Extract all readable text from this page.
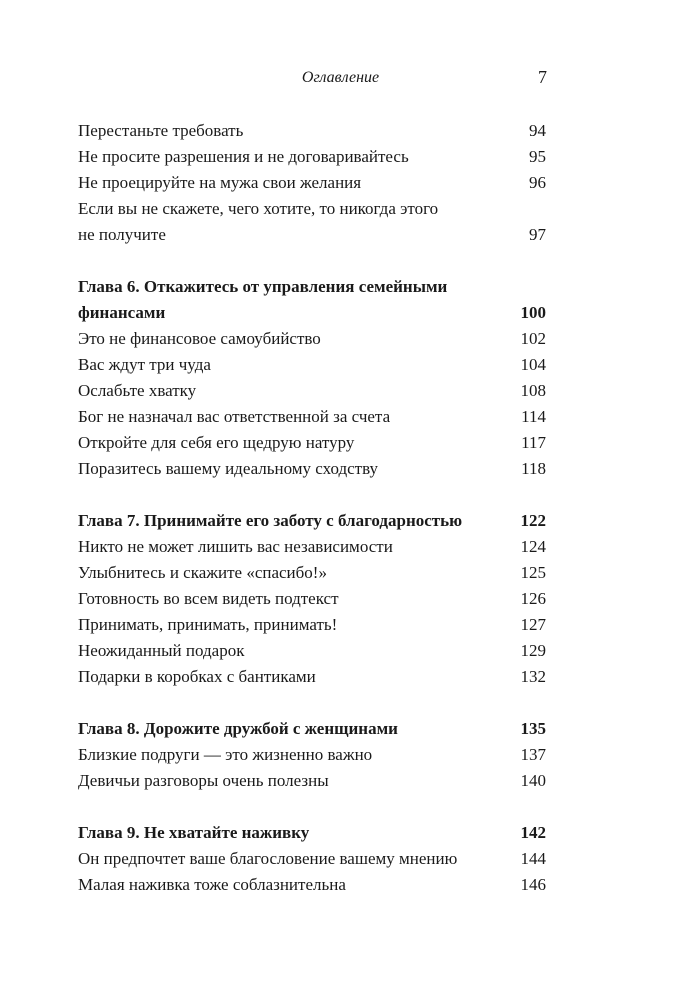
Оглавление	7
Перестаньте требовать	94
Не просите разрешения и не договаривайтесь	95
Не проецируйте на мужа свои желания	96
Если вы не скажете, чего хотите, то никогда этого
не получите	97
Глава 6. Откажитесь от управления семейными
финансами	100
Это не финансовое самоубийство	102
Вас ждут три чуда	104
Ослабьте хватку	108
Бог не назначал вас ответственной за счета	114
Откройте для себя его щедрую натуру	117
Поразитесь вашему идеальному сходству	118
Глава 7. Принимайте его заботу с благодарностью	122
Никто не может лишить вас независимости	124
Улыбнитесь и скажите «спасибо!»	125
Готовность во всем видеть подтекст	126
Принимать, принимать, принимать!	127
Неожиданный подарок	129
Подарки в коробках с бантиками	132
Глава 8. Дорожите дружбой с женщинами	135
Близкие подруги — это жизненно важно	137
Девичьи разговоры очень полезны	140
Глава 9. Не хватайте наживку	142
Он предпочтет ваше благословение вашему мнению	144
Малая наживка тоже соблазнительна	146
